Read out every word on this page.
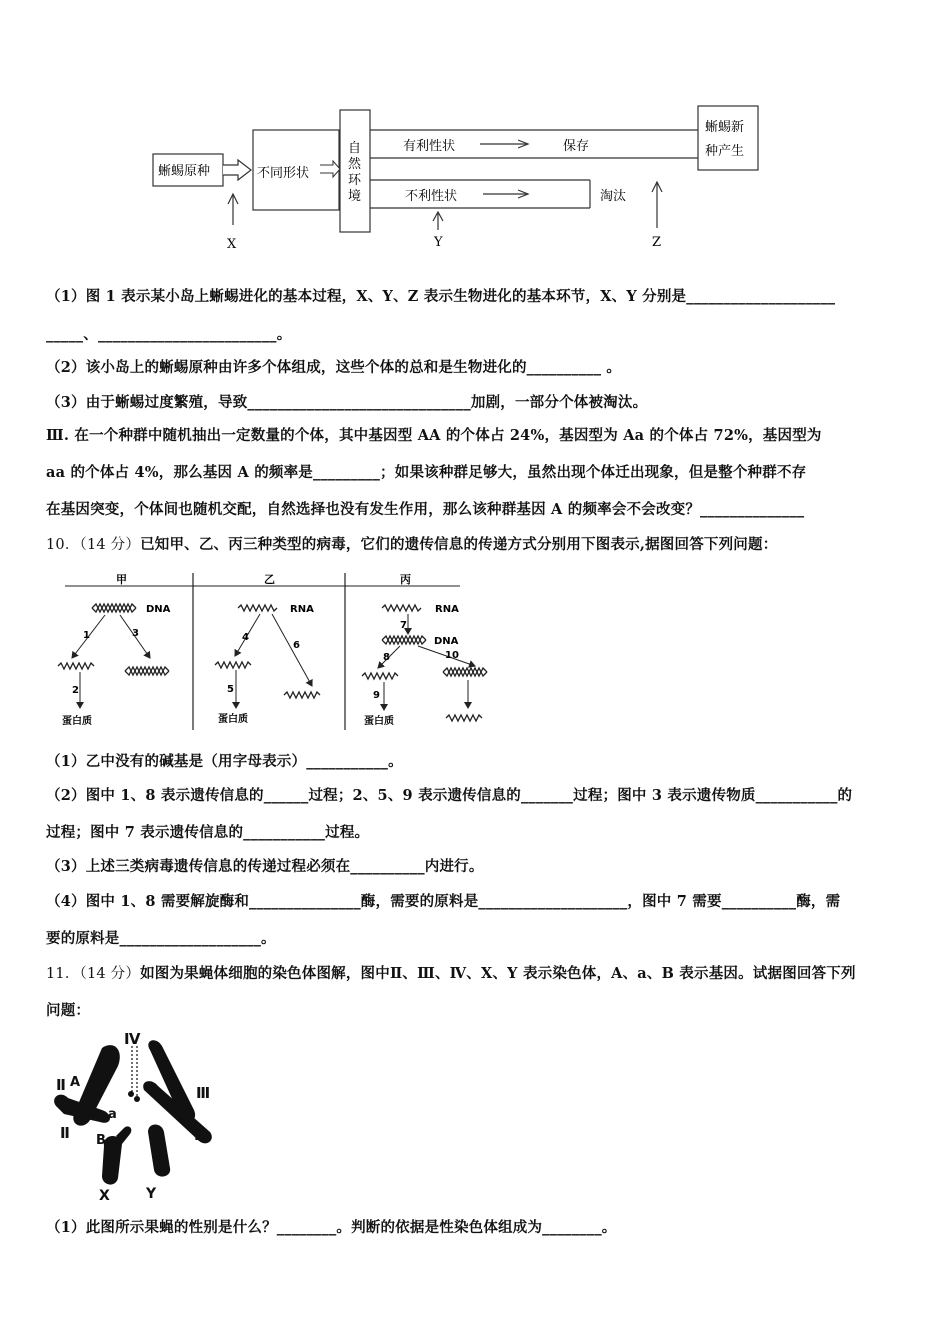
蜥蜴原种	不同形状
自
然
环
境
有利性状	保存
不利性状	淘汰
蜥蜴新
种产生
X	Y	Z
（1）图 1 表示某小岛上蜥蜴进化的基本过程，X、Y、Z 表示生物进化的基本环节，X、Y 分别是____________________
_____、________________________。
（2）该小岛上的蜥蜴原种由许多个体组成，这些个体的总和是生物进化的__________ 。
（3）由于蜥蜴过度繁殖，导致______________________________加剧，一部分个体被淘汰。
Ⅲ. 在一个种群中随机抽出一定数量的个体，其中基因型 AA 的个体占 24%，基因型为 Aa 的个体占 72%，基因型为
aa 的个体占 4%，那么基因 A 的频率是_________；如果该种群足够大，虽然出现个体迁出现象，但是整个种群不存
在基因突变，个体间也随机交配，自然选择也没有发生作用，那么该种群基因 A 的频率会不会改变？______________
10．（14 分）已知甲、乙、丙三种类型的病毒，它们的遗传信息的传递方式分别用下图表示,据图回答下列问题：
甲	乙	丙
DNA
1	3
2
蛋白质
RNA
4
6
5
蛋白质
RNA
7
DNA
8	10
9
蛋白质
（1）乙中没有的碱基是（用字母表示）___________。
（2）图中 1、8 表示遗传信息的______过程；2、5、9 表示遗传信息的_______过程；图中 3 表示遗传物质___________的
过程；图中 7 表示遗传信息的___________过程。
（3）上述三类病毒遗传信息的传递过程必须在__________内进行。
（4）图中 1、8 需要解旋酶和_______________酶，需要的原料是____________________，图中 7 需要__________酶，需
要的原料是___________________。
11．（14 分）如图为果蝇体细胞的染色体图解，图中Ⅱ、Ⅲ、Ⅳ、X、Y 表示染色体，A、a、B 表示基因。试据图回答下列
问题：
Ⅳ
Ⅱ A
a
Ⅱ B
Ⅲ
Ⅲ
X	Y
（1）此图所示果蝇的性别是什么？________。判断的依据是性染色体组成为________。
